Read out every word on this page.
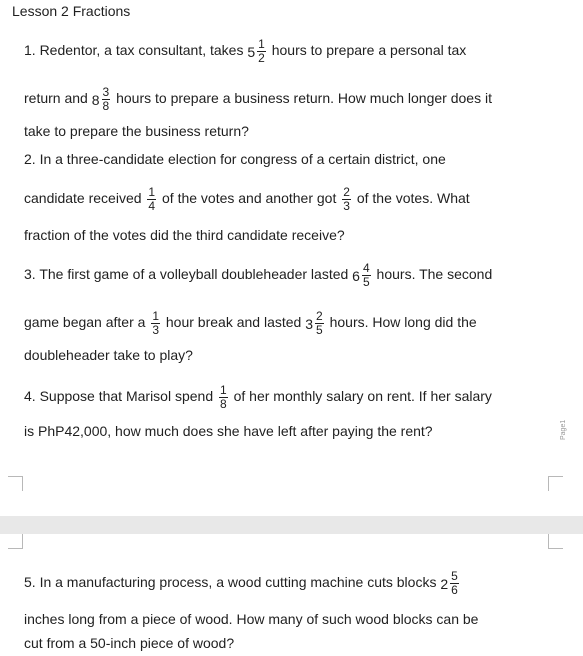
Lesson 2 Fractions
1. Redentor, a tax consultant, takes $5 \frac{1}{2}$ hours to prepare a personal tax
return and $8 \frac{3}{8}$ hours to prepare a business return. How much longer does it
take to prepare the business return?
2. In a three-candidate election for congress of a certain district, one
candidate received $\frac{1}{4}$ of the votes and another got $\frac{2}{3}$ of the votes. What
fraction of the votes did the third candidate receive?
3. The first game of a volleyball doubleheader lasted $6 \frac{4}{5}$ hours. The second
game began after a $\frac{1}{3}$ hour break and lasted $3 \frac{2}{5}$ hours. How long did the
doubleheader take to play?
4. Suppose that Marisol spend $\frac{1}{8}$ of her monthly salary on rent. If her salary
is PhP42,000, how much does she have left after paying the rent?	Page1
5. In a manufacturing process, a wood cutting machine cuts blocks $2 \frac{5}{6}$
inches long from a piece of wood. How many of such wood blocks can be
cut from a 50-inch piece of wood?
